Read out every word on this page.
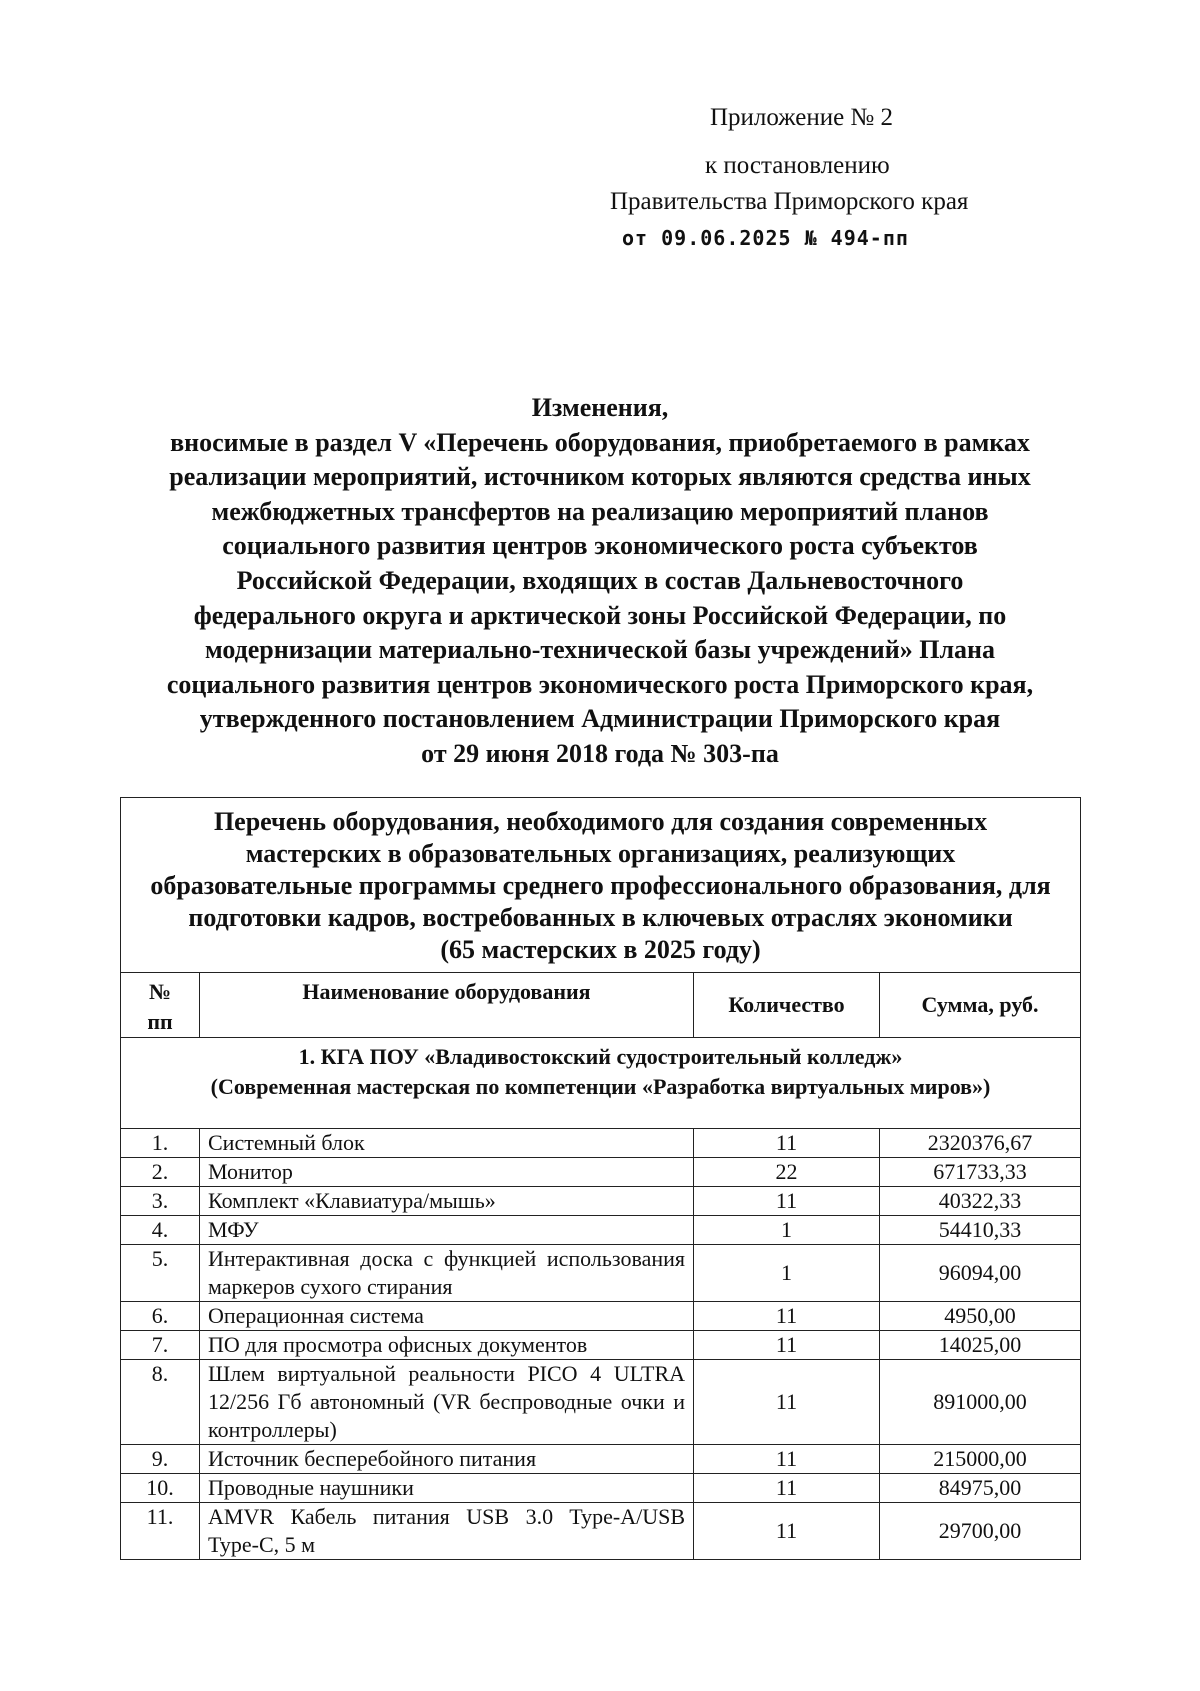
Приложение № 2
к постановлению
Правительства Приморского края
от 09.06.2025 № 494-пп
Изменения,
вносимые в раздел V «Перечень оборудования, приобретаемого в рамках
реализации мероприятий, источником которых являются средства иных
межбюджетных трансфертов на реализацию мероприятий планов
социального развития центров экономического роста субъектов
Российской Федерации, входящих в состав Дальневосточного
федерального округа и арктической зоны Российской Федерации, по
модернизации материально-технической базы учреждений» Плана
социального развития центров экономического роста Приморского края,
утвержденного постановлением Администрации Приморского края
от 29 июня 2018 года № 303-па
Перечень оборудования, необходимого для создания современных
мастерских в образовательных организациях, реализующих
образовательные программы среднего профессионального образования, для
подготовки кадров, востребованных в ключевых отраслях экономики
(65 мастерских в 2025 году)			

№
пп	Наименование оборудования	Количество	Сумма, руб.

1. КГА ПОУ «Владивостокский судостроительный колледж»
(Современная мастерская по компетенции «Разработка виртуальных миров»)			

1.	Системный блок	11	2320376,67
2.	Монитор	22	671733,33
3.	Комплект «Клавиатура/мышь»	11	40322,33
4.	МФУ	1	54410,33
5.	Интерактивная доска с функцией использования маркеров сухого стирания	1	96094,00
6.	Операционная система	11	4950,00
7.	ПО для просмотра офисных документов	11	14025,00
8.	Шлем виртуальной реальности PICO 4 ULTRA 12/256 Гб автономный (VR беспроводные очки и контроллеры)	11	891000,00
9.	Источник бесперебойного питания	11	215000,00
10.	Проводные наушники	11	84975,00
11.	AMVR Кабель питания USB 3.0 Type-A/USB Type-C, 5 м	11	29700,00
